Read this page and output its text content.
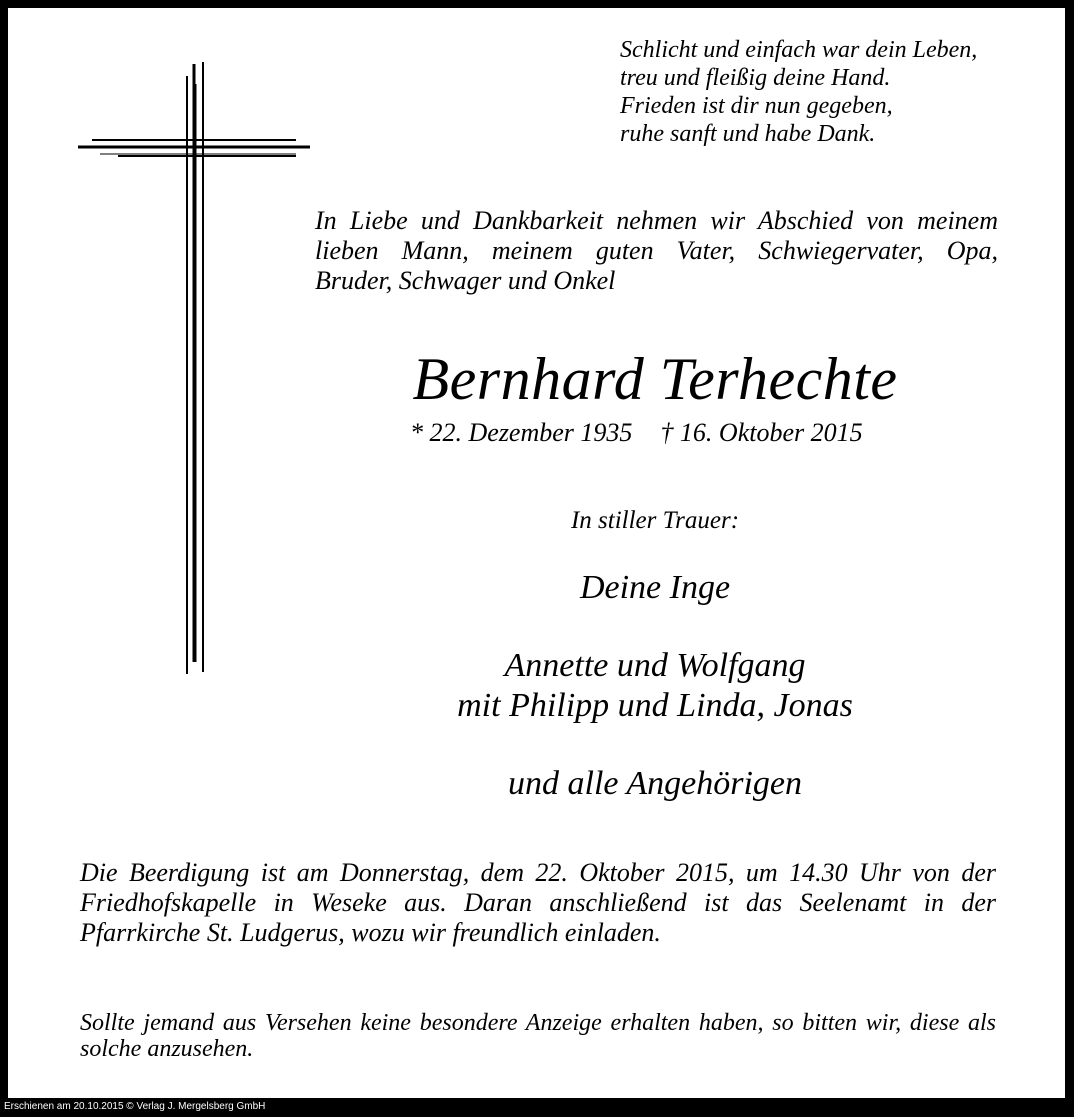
Schlicht und einfach war dein Leben,
treu und fleißig deine Hand.
Frieden ist dir nun gegeben,
ruhe sanft und habe Dank.
In Liebe und Dankbarkeit nehmen wir Abschied von meinem
lieben Mann, meinem guten Vater, Schwiegervater, Opa,
Bruder, Schwager und Onkel
Bernhard Terhechte
* 22. Dezember 1935 † 16. Oktober 2015
In stiller Trauer:
Deine Inge
Annette und Wolfgang
mit Philipp und Linda, Jonas
und alle Angehörigen
Die Beerdigung ist am Donnerstag, dem 22. Oktober 2015, um 14.30 Uhr von der
Friedhofskapelle in Weseke aus. Daran anschließend ist das Seelenamt in der
Pfarrkirche St. Ludgerus, wozu wir freundlich einladen.
Sollte jemand aus Versehen keine besondere Anzeige erhalten haben, so bitten wir, diese als
solche anzusehen.
Erschienen am 20.10.2015 © Verlag J. Mergelsberg GmbH
